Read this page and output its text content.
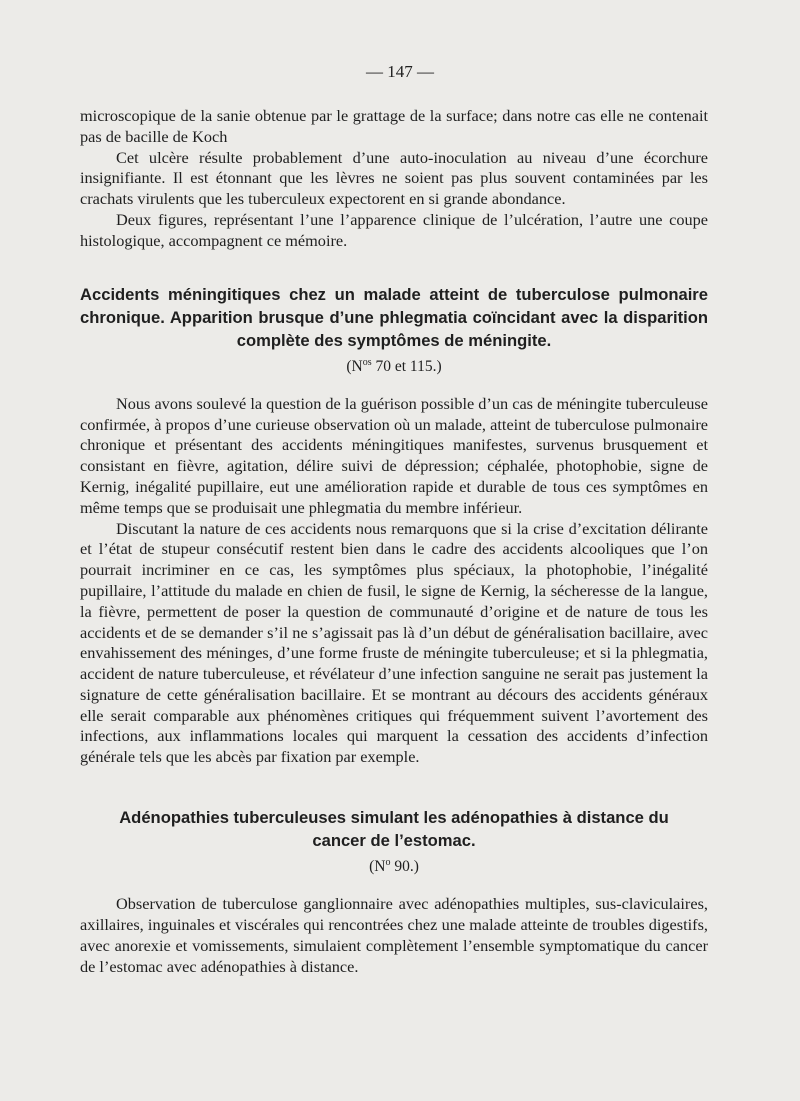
— 147 —

microscopique de la sanie obtenue par le grattage de la surface; dans notre cas elle ne contenait pas de bacille de Koch

Cet ulcère résulte probablement d’une auto-inoculation au niveau d’une écorchure insignifiante. Il est étonnant que les lèvres ne soient pas plus souvent contaminées par les crachats virulents que les tuberculeux expectorent en si grande abondance.

Deux figures, représentant l’une l’apparence clinique de l’ulcération, l’autre une coupe histologique, accompagnent ce mémoire.

Accidents méningitiques chez un malade atteint de tuberculose pulmonaire chronique. Apparition brusque d’une phlegmatia coïncidant avec la disparition complète des symptômes de méningite.
($N^{os}$ 70 et 115.)

Nous avons soulevé la question de la guérison possible d’un cas de méningite tuberculeuse confirmée, à propos d’une curieuse observation où un malade, atteint de tuberculose pulmonaire chronique et présentant des accidents méningitiques manifestes, survenus brusquement et consistant en fièvre, agitation, délire suivi de dépression; céphalée, photophobie, signe de Kernig, inégalité pupillaire, eut une amélioration rapide et durable de tous ces symptômes en même temps que se produisait une phlegmatia du membre inférieur.

Discutant la nature de ces accidents nous remarquons que si la crise d’excitation délirante et l’état de stupeur consécutif restent bien dans le cadre des accidents alcooliques que l’on pourrait incriminer en ce cas, les symptômes plus spéciaux, la photophobie, l’inégalité pupillaire, l’attitude du malade en chien de fusil, le signe de Kernig, la sécheresse de la langue, la fièvre, permettent de poser la question de communauté d’origine et de nature de tous les accidents et de se demander s’il ne s’agissait pas là d’un début de généralisation bacillaire, avec envahissement des méninges, d’une forme fruste de méningite tuberculeuse; et si la phlegmatia, accident de nature tuberculeuse, et révélateur d’une infection sanguine ne serait pas justement la signature de cette généralisation bacillaire. Et se montrant au décours des accidents généraux elle serait comparable aux phénomènes critiques qui fréquemment suivent l’avortement des infections, aux inflammations locales qui marquent la cessation des accidents d’infection générale tels que les abcès par fixation par exemple.

Adénopathies tuberculeuses simulant les adénopathies à distance du cancer de l’estomac.
($N^o$ 90.)

Observation de tuberculose ganglionnaire avec adénopathies multiples, sus-claviculaires, axillaires, inguinales et viscérales qui rencontrées chez une malade atteinte de troubles digestifs, avec anorexie et vomissements, simulaient complètement l’ensemble symptomatique du cancer de l’estomac avec adénopathies à distance.
